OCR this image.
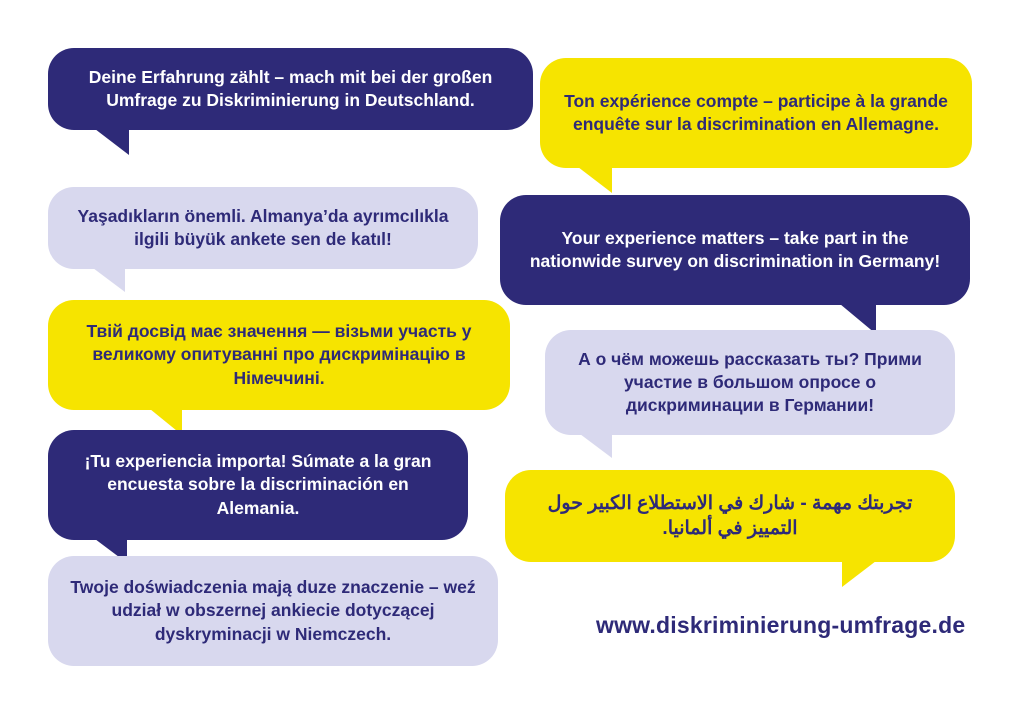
Deine Erfahrung zählt – mach mit bei der großen Umfrage zu Diskriminierung in Deutschland.	Ton expérience compte – participe à la grande enquête sur la discrimination en Allemagne.
Yaşadıkların önemli. Almanya’da ayrımcılıkla ilgili büyük ankete sen de katıl!	Your experience matters – take part in the nationwide survey on discrimination in Germany!
Твій досвід має значення — візьми участь у великому опитуванні про дискримінацію в Німеччині.
А о чём можешь рассказать ты? Прими участие в большом опросе о дискриминации в Германии!
¡Tu experiencia importa! Súmate a la gran encuesta sobre la discriminación en Alemania.	تجربتك مهمة - شارك في الاستطلاع الكبير حول التمييز في ألمانيا.
Twoje doświadczenia mają duze znaczenie – weź udział w obszernej ankiecie dotyczącej dyskryminacji w Niemczech.	www.diskriminierung-umfrage.de
